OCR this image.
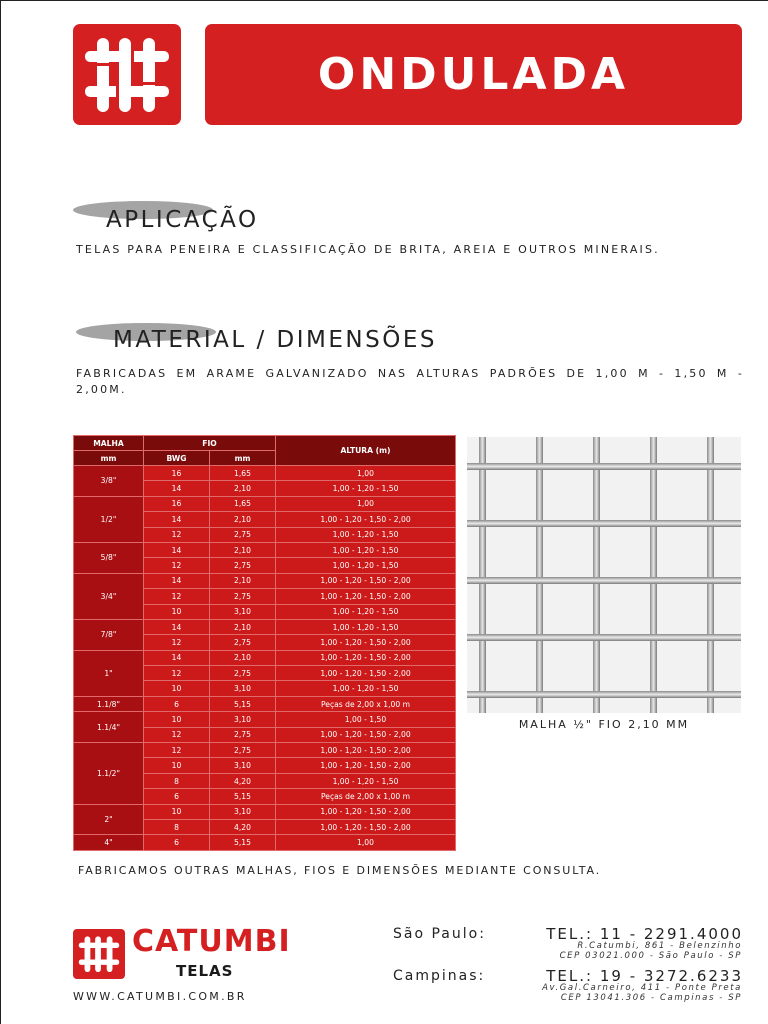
ONDULADA
APLICAÇÃO
TELAS PARA PENEIRA E CLASSIFICAÇÃO DE BRITA, AREIA E OUTROS MINERAIS.
MATERIAL / DIMENSÕES
FABRICADAS EM ARAME GALVANIZADO NAS ALTURAS PADRÕES DE 1,00 M - 1,50 M - 2,00M.
MALHA	FIO		ALTURA (m)
mm	BWG	mm	
3/8"	16	1,65	1,00
	14	2,10	1,00 - 1,20 - 1,50
1/2"	16	1,65	1,00
	14	2,10	1,00 - 1,20 - 1,50 - 2,00
	12	2,75	1,00 - 1,20 - 1,50
5/8"	14	2,10	1,00 - 1,20 - 1,50
	12	2,75	1,00 - 1,20 - 1,50
3/4"	14	2,10	1,00 - 1,20 - 1,50 - 2,00
	12	2,75	1,00 - 1,20 - 1,50 - 2,00
	10	3,10	1,00 - 1,20 - 1,50
7/8"	14	2,10	1,00 - 1,20 - 1,50
	12	2,75	1,00 - 1,20 - 1,50 - 2,00
1"	14	2,10	1,00 - 1,20 - 1,50 - 2,00
	12	2,75	1,00 - 1,20 - 1,50 - 2,00
	10	3,10	1,00 - 1,20 - 1,50
1.1/8"	6	5,15	Peças de 2,00 x 1,00 m
1.1/4"	10	3,10	1,00 - 1,50
	12	2,75	1,00 - 1,20 - 1,50 - 2,00
1.1/2"	12	2,75	1,00 - 1,20 - 1,50 - 2,00
	10	3,10	1,00 - 1,20 - 1,50 - 2,00
	8	4,20	1,00 - 1,20 - 1,50
	6	5,15	Peças de 2,00 x 1,00 m
2"	10	3,10	1,00 - 1,20 - 1,50 - 2,00
	8	4,20	1,00 - 1,20 - 1,50 - 2,00
4"	6	5,15	1,00
MALHA ½" FIO 2,10 MM
FABRICAMOS OUTRAS MALHAS, FIOS E DIMENSÕES MEDIANTE CONSULTA.
CATUMBI
TELAS
WWW.CATUMBI.COM.BR
São Paulo:	TEL.: 11 - 2291.4000
R.Catumbi, 861 - Belenzinho
CEP 03021.000 - São Paulo - SP
Campinas:	TEL.: 19 - 3272.6233
Av.Gal.Carneiro, 411 - Ponte Preta
CEP 13041.306 - Campinas - SP
